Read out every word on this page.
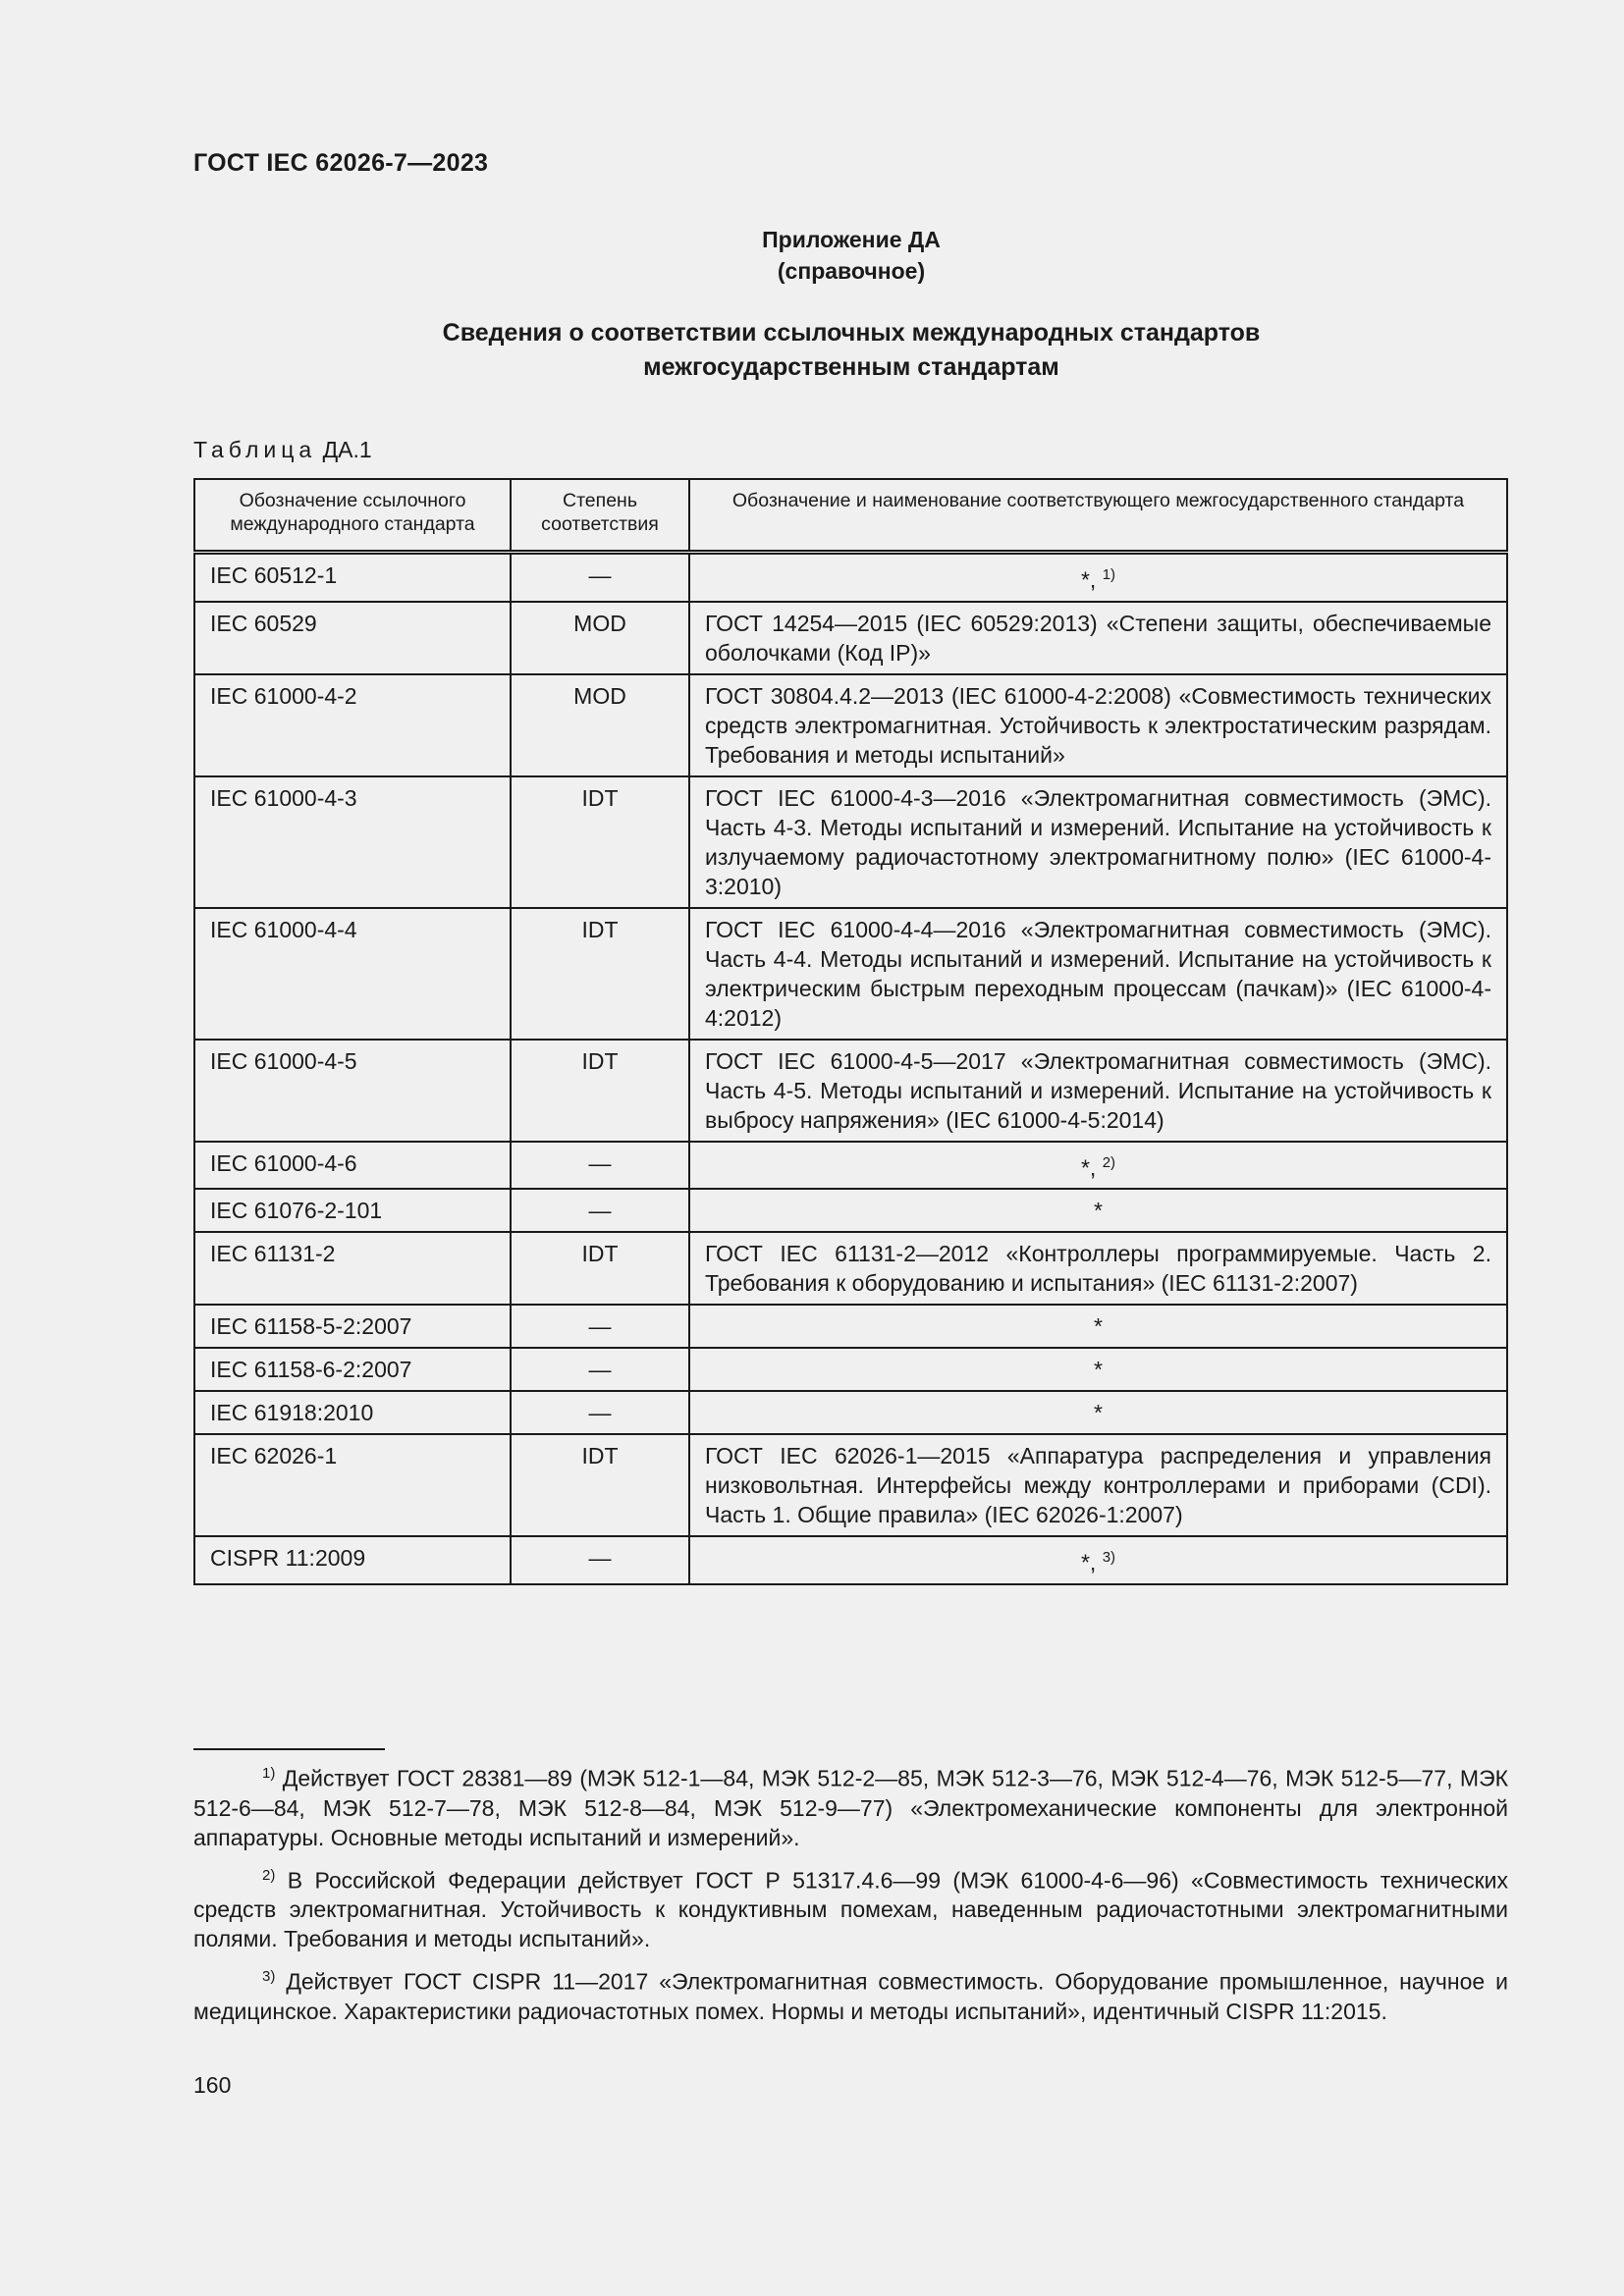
ГОСТ IEC 62026-7—2023
Приложение ДА
(справочное)
Сведения о соответствии ссылочных международных стандартов
межгосударственным стандартам
Таблица ДА.1
Обозначение ссылочного международного стандарта	Степень соответствия	Обозначение и наименование соответствующего межгосударственного стандарта
IEC 60512-1	—	*, $^{1)}$
IEC 60529	MOD	ГОСТ 14254—2015 (IEC 60529:2013) «Степени защиты, обеспечиваемые оболочками (Код IP)»
IEC 61000-4-2	MOD	ГОСТ 30804.4.2—2013 (IEC 61000-4-2:2008) «Совместимость технических средств электромагнитная. Устойчивость к электростатическим разрядам. Требования и методы испытаний»
IEC 61000-4-3	IDT	ГОСТ IEC 61000-4-3—2016 «Электромагнитная совместимость (ЭМС). Часть 4-3. Методы испытаний и измерений. Испытание на устойчивость к излучаемому радиочастотному электромагнитному полю» (IEC 61000-4-3:2010)
IEC 61000-4-4	IDT	ГОСТ IEC 61000-4-4—2016 «Электромагнитная совместимость (ЭМС). Часть 4-4. Методы испытаний и измерений. Испытание на устойчивость к электрическим быстрым переходным процессам (пачкам)» (IEC 61000-4-4:2012)
IEC 61000-4-5	IDT	ГОСТ IEC 61000-4-5—2017 «Электромагнитная совместимость (ЭМС). Часть 4-5. Методы испытаний и измерений. Испытание на устойчивость к выбросу напряжения» (IEC 61000-4-5:2014)
IEC 61000-4-6	—	*, $^{2)}$
IEC 61076-2-101	—	*
IEC 61131-2	IDT	ГОСТ IEC 61131-2—2012 «Контроллеры программируемые. Часть 2. Требования к оборудованию и испытания» (IEC 61131-2:2007)
IEC 61158-5-2:2007	—	*
IEC 61158-6-2:2007	—	*
IEC 61918:2010	—	*
IEC 62026-1	IDT	ГОСТ IEC 62026-1—2015 «Аппаратура распределения и управления низковольтная. Интерфейсы между контроллерами и приборами (CDI). Часть 1. Общие правила» (IEC 62026-1:2007)
CISPR 11:2009	—	*, $^{3)}$

$^{1)}$ Действует ГОСТ 28381—89 (МЭК 512-1—84, МЭК 512-2—85, МЭК 512-3—76, МЭК 512-4—76, МЭК 512-5—77, МЭК 512-6—84, МЭК 512-7—78, МЭК 512-8—84, МЭК 512-9—77) «Электромеханические компоненты для электронной аппаратуры. Основные методы испытаний и измерений».

$^{2)}$ В Российской Федерации действует ГОСТ Р 51317.4.6—99 (МЭК 61000-4-6—96) «Совместимость технических средств электромагнитная. Устойчивость к кондуктивным помехам, наведенным радиочастотными электромагнитными полями. Требования и методы испытаний».

$^{3)}$ Действует ГОСТ CISPR 11—2017 «Электромагнитная совместимость. Оборудование промышленное, научное и медицинское. Характеристики радиочастотных помех. Нормы и методы испытаний», идентичный CISPR 11:2015.

160
